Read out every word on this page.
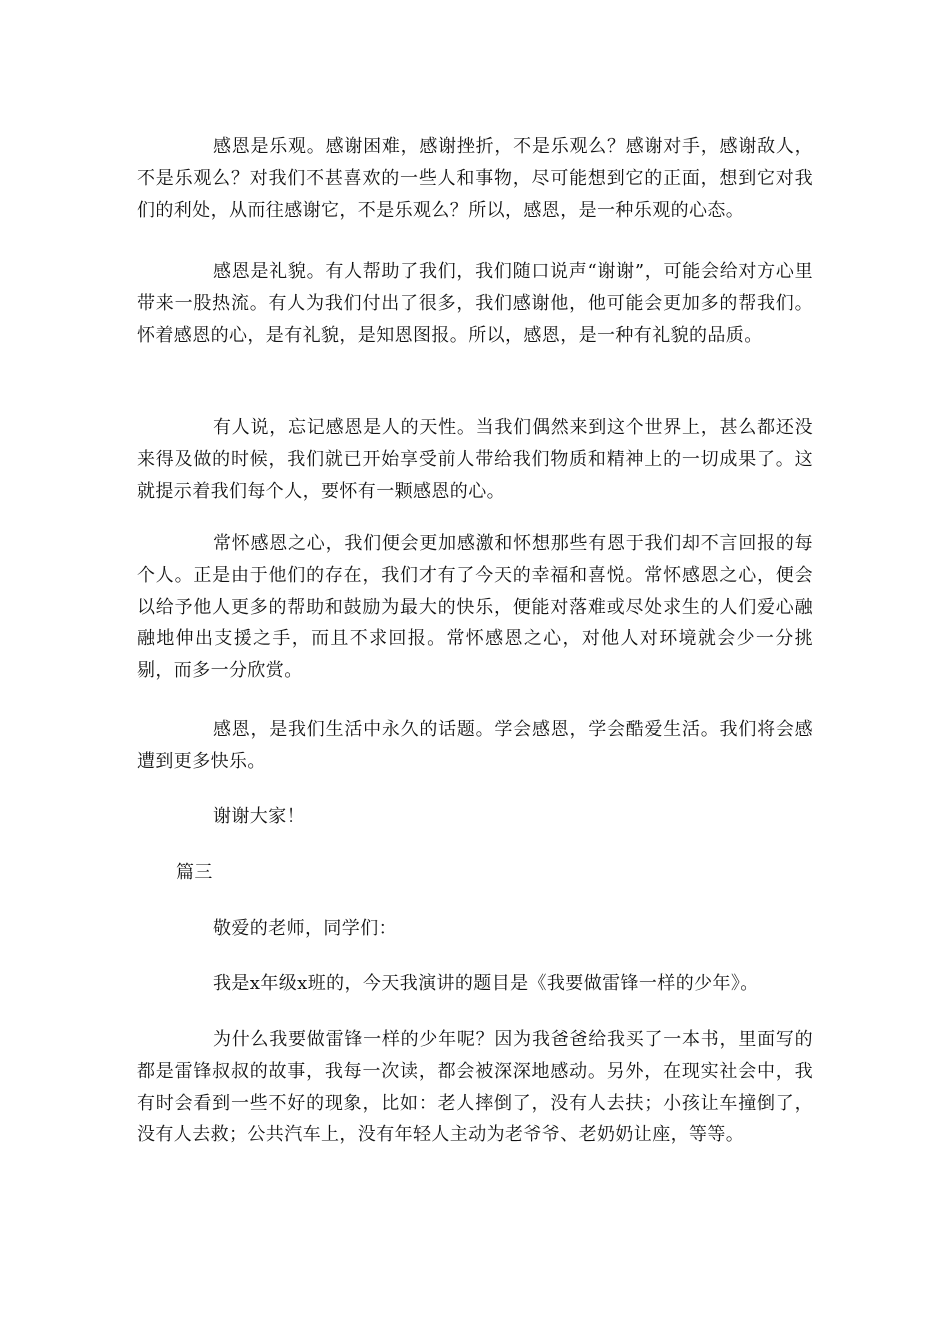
感恩是乐观。感谢困难，感谢挫折，不是乐观么？感谢对手，感谢敌人，不是乐观么？对我们不甚喜欢的一些人和事物，尽可能想到它的正面，想到它对我们的利处，从而往感谢它，不是乐观么？所以，感恩，是一种乐观的心态。

感恩是礼貌。有人帮助了我们，我们随口说声“谢谢”，可能会给对方心里带来一股热流。有人为我们付出了很多，我们感谢他，他可能会更加多的帮我们。怀着感恩的心，是有礼貌，是知恩图报。所以，感恩，是一种有礼貌的品质。

有人说，忘记感恩是人的天性。当我们偶然来到这个世界上，甚么都还没来得及做的时候，我们就已开始享受前人带给我们物质和精神上的一切成果了。这就提示着我们每个人，要怀有一颗感恩的心。

常怀感恩之心，我们便会更加感激和怀想那些有恩于我们却不言回报的每个人。正是由于他们的存在，我们才有了今天的幸福和喜悦。常怀感恩之心，便会以给予他人更多的帮助和鼓励为最大的快乐，便能对落难或尽处求生的人们爱心融融地伸出支援之手，而且不求回报。常怀感恩之心，对他人对环境就会少一分挑剔，而多一分欣赏。

感恩，是我们生活中永久的话题。学会感恩，学会酷爱生活。我们将会感遭到更多快乐。

谢谢大家！

篇三

敬爱的老师，同学们：

我是x年级x班的，今天我演讲的题目是《我要做雷锋一样的少年》。

为什么我要做雷锋一样的少年呢？因为我爸爸给我买了一本书，里面写的都是雷锋叔叔的故事，我每一次读，都会被深深地感动。另外，在现实社会中，我有时会看到一些不好的现象，比如：老人摔倒了，没有人去扶；小孩让车撞倒了，没有人去救；公共汽车上，没有年轻人主动为老爷爷、老奶奶让座，等等。
